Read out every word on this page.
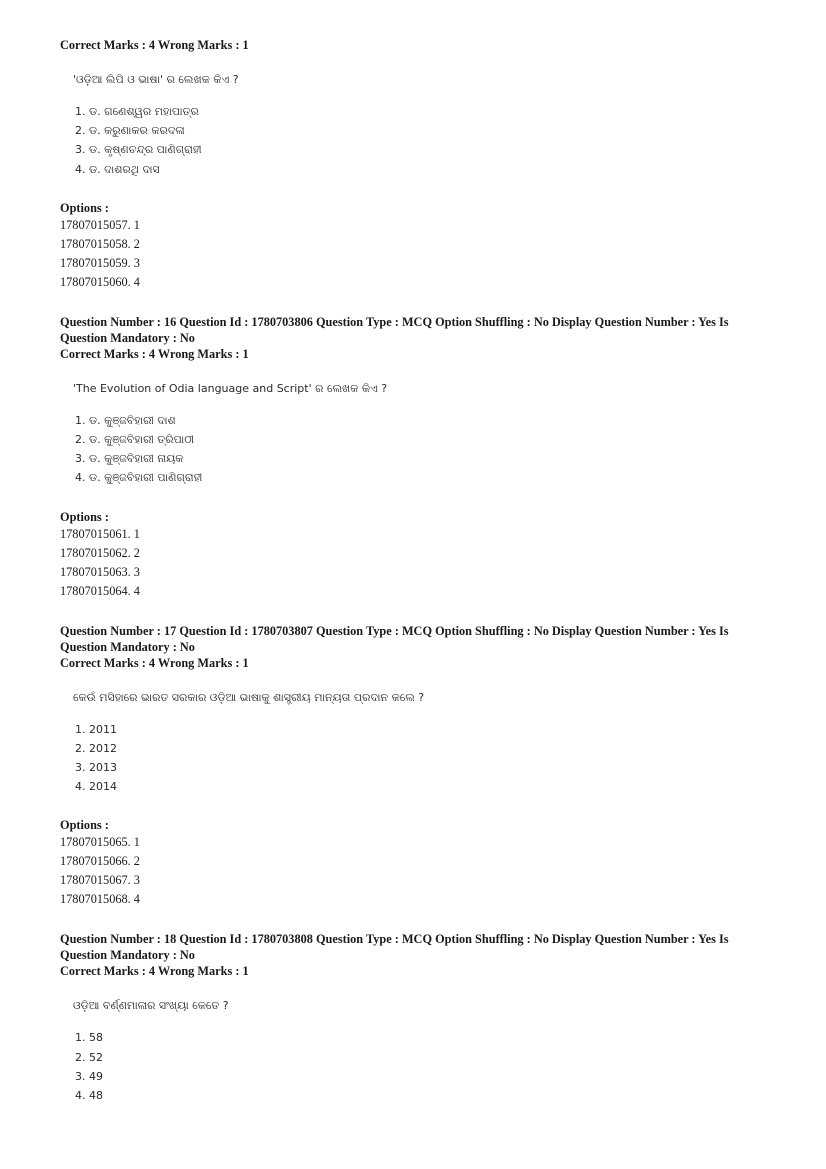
Correct Marks : 4 Wrong Marks : 1

'ଓଡ଼ିଆ ଲିପି ଓ ଭାଷା' ର ଲେଖକ କିଏ ?

1. ଡ. ଗଣେଶ୍ୱର ମହାପାତ୍ର
2. ଡ. କରୁଣାକର କରଦଳା
3. ଡ. କୃଷ୍ଣଚନ୍ଦ୍ର ପାଣିଗ୍ରାହୀ
4. ଡ. ଦାଶରଥି ଦାସ

Options :

17807015057. 1
17807015058. 2
17807015059. 3
17807015060. 4

Question Number : 16 Question Id : 1780703806 Question Type : MCQ Option Shuffling : No Display Question Number : Yes Is Question Mandatory : No

Correct Marks : 4 Wrong Marks : 1

'The Evolution of Odia language and Script' ର ଲେଖକ କିଏ ?

1. ଡ. କୁଞ୍ଜବିହାରୀ ଦାଶ
2. ଡ. କୁଞ୍ଜବିହାରୀ ତ୍ରିପାଠୀ
3. ଡ. କୁଞ୍ଜବିହାରୀ ନାୟକ
4. ଡ. କୁଞ୍ଜବିହାରୀ ପାଣିଗ୍ରାହୀ

Options :

17807015061. 1
17807015062. 2
17807015063. 3
17807015064. 4

Question Number : 17 Question Id : 1780703807 Question Type : MCQ Option Shuffling : No Display Question Number : Yes Is Question Mandatory : No

Correct Marks : 4 Wrong Marks : 1

କେଉଁ ମସିହାରେ ଭାରତ ସରକାର ଓଡ଼ିଆ ଭାଷାକୁ ଶାସ୍ତ୍ରୀୟ ମାନ୍ୟତା ପ୍ରଦାନ କଲେ ?

1. 2011
2. 2012
3. 2013
4. 2014

Options :

17807015065. 1
17807015066. 2
17807015067. 3
17807015068. 4

Question Number : 18 Question Id : 1780703808 Question Type : MCQ Option Shuffling : No Display Question Number : Yes Is Question Mandatory : No

Correct Marks : 4 Wrong Marks : 1

ଓଡ଼ିଆ ବର୍ଣ୍ଣମାଳାର ସଂଖ୍ୟା କେତେ ?

1. 58
2. 52
3. 49
4. 48
